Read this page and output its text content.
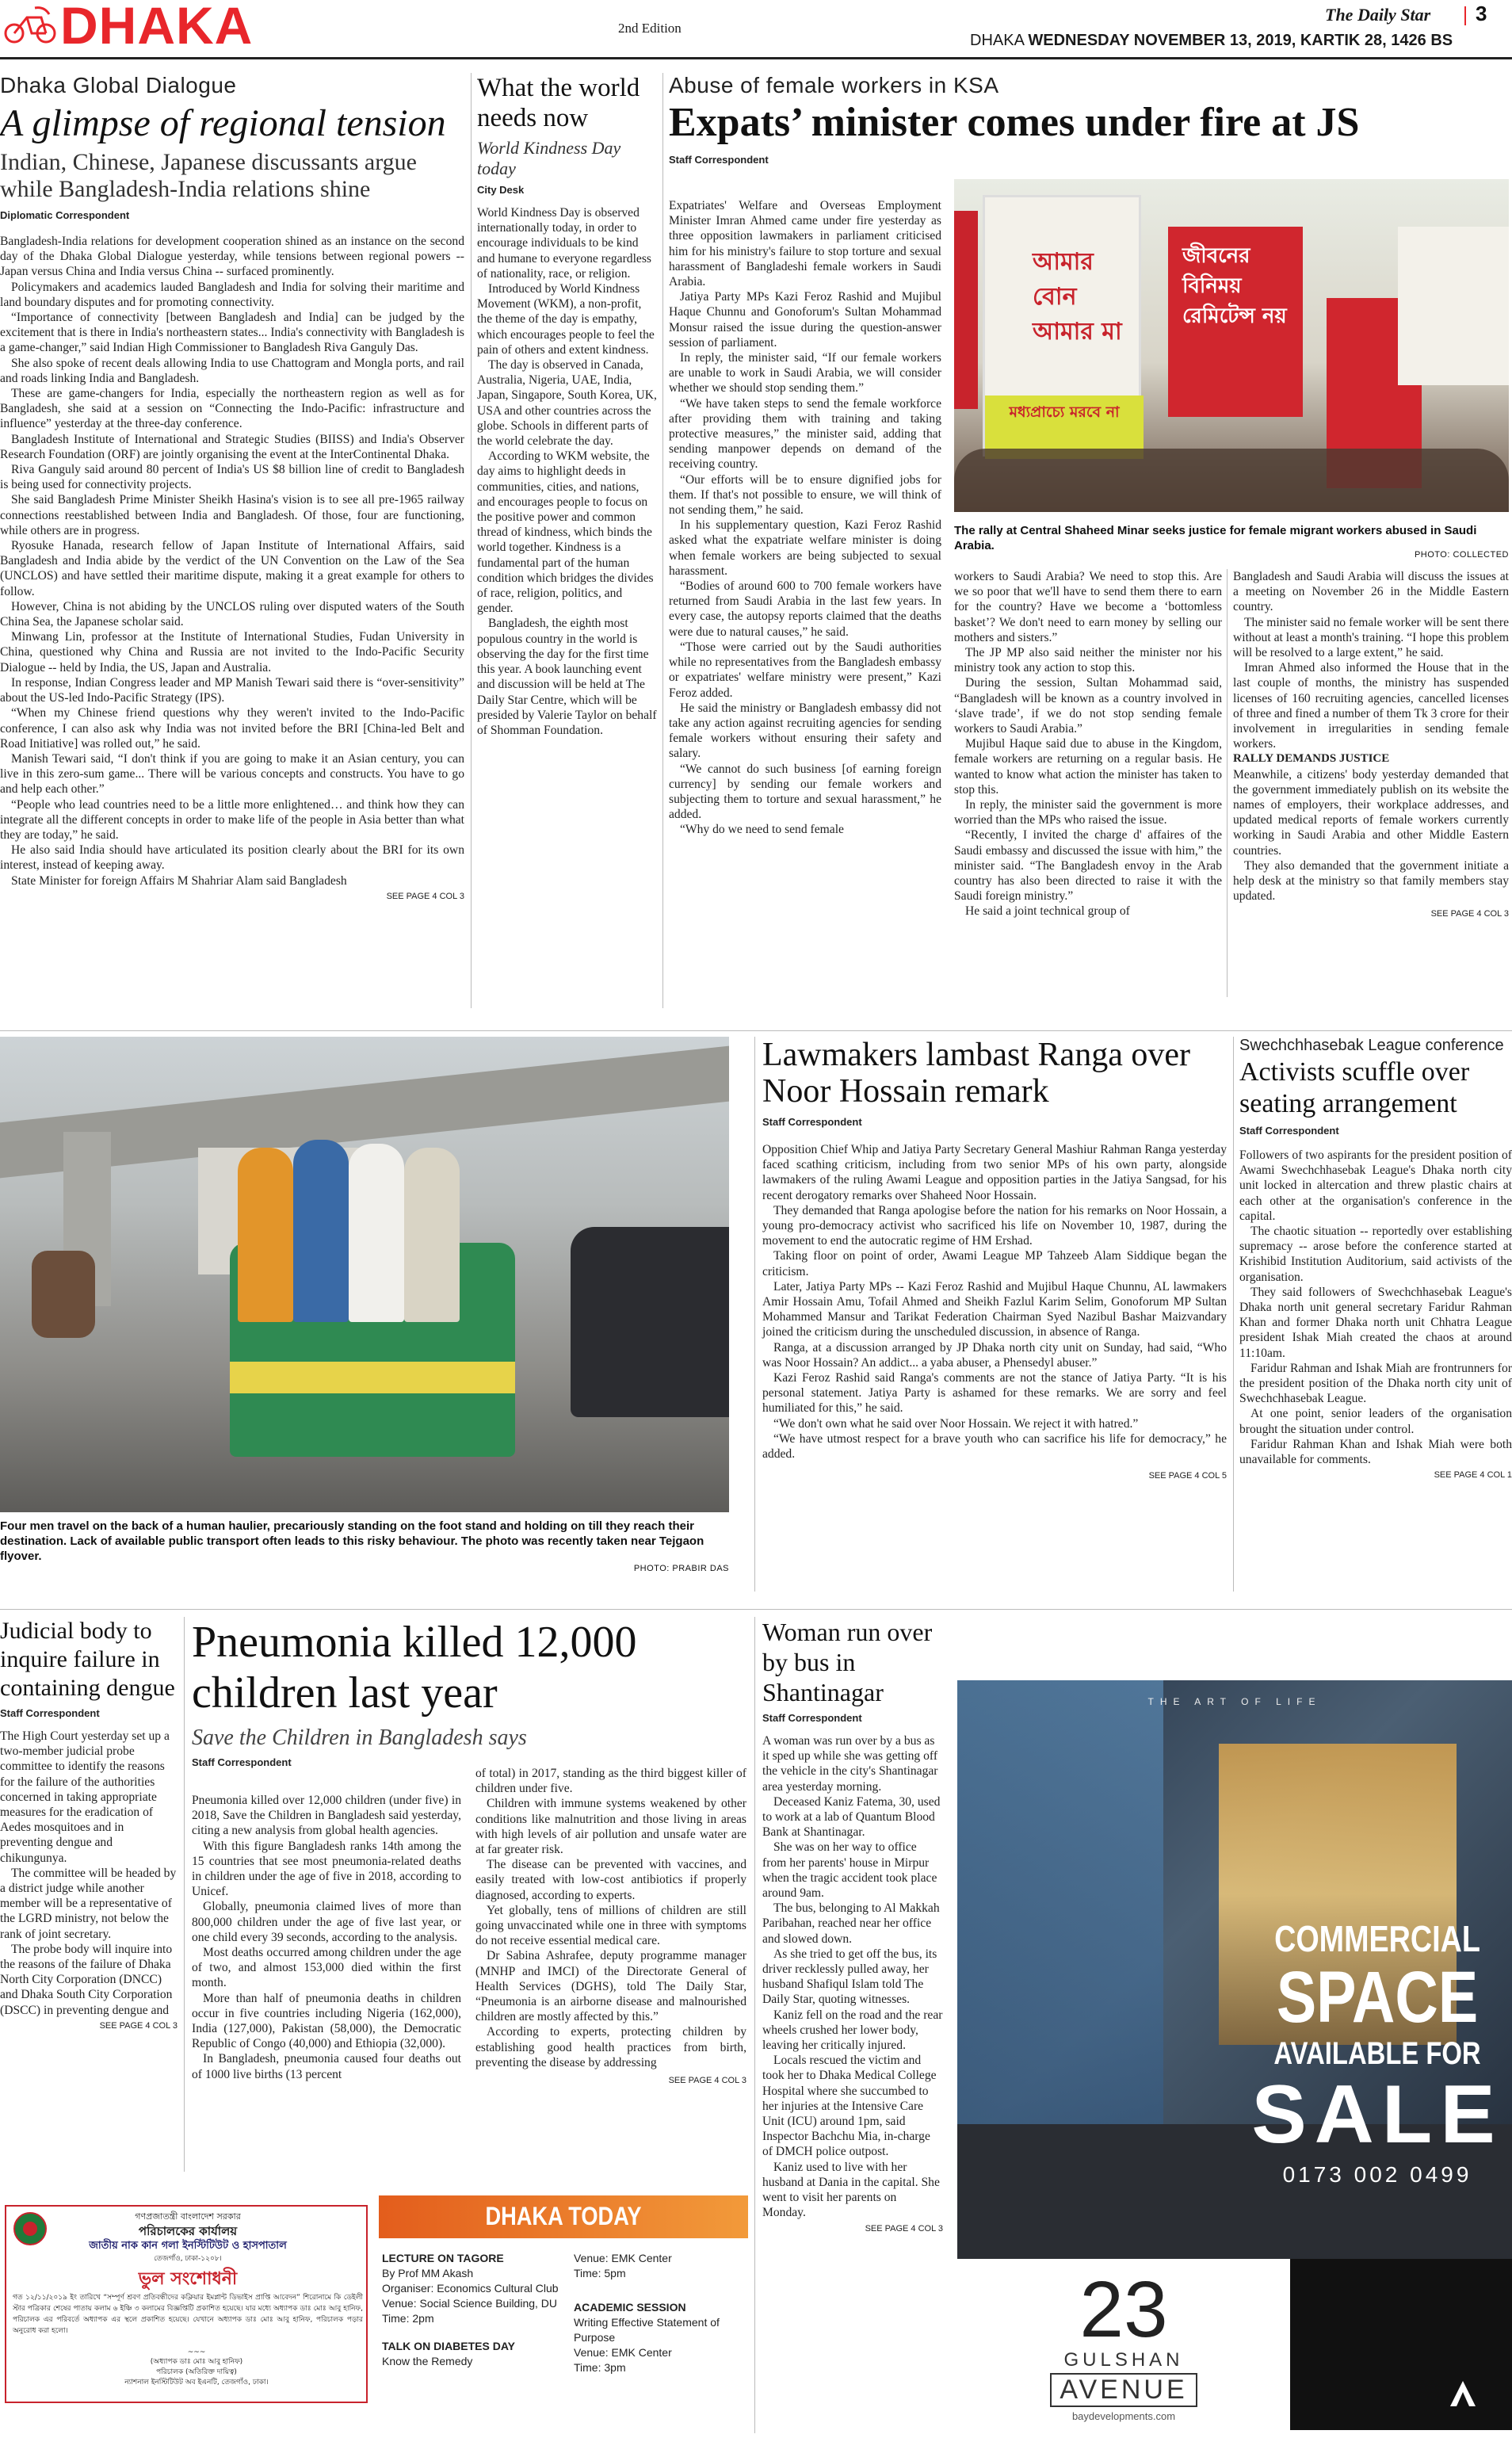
DHAKA	2nd Edition
The Daily Star 3
DHAKA WEDNESDAY NOVEMBER 13, 2019, KARTIK 28, 1426 BS
Dhaka Global Dialogue
A glimpse of regional tension
Indian, Chinese, Japanese discussants argue while Bangladesh-India relations shine
Diplomatic Correspondent

Bangladesh-India relations for development cooperation shined as an instance on the second day of the Dhaka Global Dialogue yesterday, while tensions between regional powers -- Japan versus China and India versus China -- surfaced prominently.

Policymakers and academics lauded Bangladesh and India for solving their maritime and land boundary disputes and for promoting connectivity.

“Importance of connectivity [between Bangladesh and India] can be judged by the excitement that is there in India's northeastern states... India's connectivity with Bangladesh is a game-changer,” said Indian High Commissioner to Bangladesh Riva Ganguly Das.

She also spoke of recent deals allowing India to use Chattogram and Mongla ports, and rail and roads linking India and Bangladesh.

These are game-changers for India, especially the northeastern region as well as for Bangladesh, she said at a session on “Connecting the Indo-Pacific: infrastructure and influence” yesterday at the three-day conference.

Bangladesh Institute of International and Strategic Studies (BIISS) and India's Observer Research Foundation (ORF) are jointly organising the event at the InterContinental Dhaka.

Riva Ganguly said around 80 percent of India's US $8 billion line of credit to Bangladesh is being used for connectivity projects.

She said Bangladesh Prime Minister Sheikh Hasina's vision is to see all pre-1965 railway connections reestablished between India and Bangladesh. Of those, four are functioning, while others are in progress.

Ryosuke Hanada, research fellow of Japan Institute of International Affairs, said Bangladesh and India abide by the verdict of the UN Convention on the Law of the Sea (UNCLOS) and have settled their maritime dispute, making it a great example for others to follow.

However, China is not abiding by the UNCLOS ruling over disputed waters of the South China Sea, the Japanese scholar said.

Minwang Lin, professor at the Institute of International Studies, Fudan University in China, questioned why China and Russia are not invited to the Indo-Pacific Security Dialogue -- held by India, the US, Japan and Australia.

In response, Indian Congress leader and MP Manish Tewari said there is “over-sensitivity” about the US-led Indo-Pacific Strategy (IPS).

“When my Chinese friend questions why they weren't invited to the Indo-Pacific conference, I can also ask why India was not invited before the BRI [China-led Belt and Road Initiative] was rolled out,” he said.

Manish Tewari said, “I don't think if you are going to make it an Asian century, you can live in this zero-sum game... There will be various concepts and constructs. You have to go and help each other.”

“People who lead countries need to be a little more enlightened… and think how they can integrate all the different concepts in order to make life of the people in Asia better than what they are today,” he said.

He also said India should have articulated its position clearly about the BRI for its own interest, instead of keeping away.

State Minister for foreign Affairs M Shahriar Alam said Bangladesh

SEE PAGE 4 COL 3
What the world needs now
World Kindness Day today
City Desk

World Kindness Day is observed internationally today, in order to encourage individuals to be kind and humane to everyone regardless of nationality, race, or religion.

Introduced by World Kindness Movement (WKM), a non-profit, the theme of the day is empathy, which encourages people to feel the pain of others and extent kindness.

The day is observed in Canada, Australia, Nigeria, UAE, India, Japan, Singapore, South Korea, UK, USA and other countries across the globe. Schools in different parts of the world celebrate the day.

According to WKM website, the day aims to highlight deeds in communities, cities, and nations, and encourages people to focus on the positive power and common thread of kindness, which binds the world together. Kindness is a fundamental part of the human condition which bridges the divides of race, religion, politics, and gender.

Bangladesh, the eighth most populous country in the world is observing the day for the first time this year. A book launching event and discussion will be held at The Daily Star Centre, which will be presided by Valerie Taylor on behalf of Shomman Foundation.

Abuse of female workers in KSA
Expats’ minister comes under fire at JS
Staff Correspondent

Expatriates' Welfare and Overseas Employment Minister Imran Ahmed came under fire yesterday as three opposition lawmakers in parliament criticised him for his ministry's failure to stop torture and sexual harassment of Bangladeshi female workers in Saudi Arabia.

Jatiya Party MPs Kazi Feroz Rashid and Mujibul Haque Chunnu and Gonoforum's Sultan Mohammad Monsur raised the issue during the question-answer session of parliament.

In reply, the minister said, “If our female workers are unable to work in Saudi Arabia, we will consider whether we should stop sending them.”

“We have taken steps to send the female workforce after providing them with training and taking protective measures,” the minister said, adding that sending manpower depends on demand of the receiving country.

“Our efforts will be to ensure dignified jobs for them. If that's not possible to ensure, we will think of not sending them,” he said.

In his supplementary question, Kazi Feroz Rashid asked what the expatriate welfare minister is doing when female workers are being subjected to sexual harassment.

“Bodies of around 600 to 700 female workers have returned from Saudi Arabia in the last few years. In every case, the autopsy reports claimed that the deaths were due to natural causes,” he said.

“Those were carried out by the Saudi authorities while no representatives from the Bangladesh embassy or expatriates' welfare ministry were present,” Kazi Feroz added.

He said the ministry or Bangladesh embassy did not take any action against recruiting agencies for sending female workers without ensuring their safety and salary.

“We cannot do such business [of earning foreign currency] by sending our female workers and subjecting them to torture and sexual harassment,” he added.

“Why do we need to send female

আমার বোন আমার মা
মধ্যপ্রাচ্যে মরবে না
জীবনের বিনিময় রেমিটেন্স নয়
The rally at Central Shaheed Minar seeks justice for female migrant workers abused in Saudi Arabia.
PHOTO: COLLECTED

workers to Saudi Arabia? We need to stop this. Are we so poor that we'll have to send them there to earn for the country? Have we become a ‘bottomless basket’? We don't need to earn money by selling our mothers and sisters.”

The JP MP also said neither the minister nor his ministry took any action to stop this.

During the session, Sultan Mohammad said, “Bangladesh will be known as a country involved in ‘slave trade’, if we do not stop sending female workers to Saudi Arabia.”

Mujibul Haque said due to abuse in the Kingdom, female workers are returning on a regular basis. He wanted to know what action the minister has taken to stop this.

In reply, the minister said the government is more worried than the MPs who raised the issue.

“Recently, I invited the charge d' affaires of the Saudi embassy and discussed the issue with him,” the minister said. “The Bangladesh envoy in the Arab country has also been directed to raise it with the Saudi foreign ministry.”

He said a joint technical group of

Bangladesh and Saudi Arabia will discuss the issues at a meeting on November 26 in the Middle Eastern country.

The minister said no female worker will be sent there without at least a month's training. “I hope this problem will be resolved to a large extent,” he said.

Imran Ahmed also informed the House that in the last couple of months, the ministry has suspended licenses of 160 recruiting agencies, cancelled licenses of three and fined a number of them Tk 3 crore for their involvement in irregularities in sending female workers.

RALLY DEMANDS JUSTICE

Meanwhile, a citizens' body yesterday demanded that the government immediately publish on its website the names of employers, their workplace addresses, and updated medical reports of female workers currently working in Saudi Arabia and other Middle Eastern countries.

They also demanded that the government initiate a help desk at the ministry so that family members stay updated.

SEE PAGE 4 COL 3
Four men travel on the back of a human haulier, precariously standing on the foot stand and holding on till they reach their destination. Lack of available public transport often leads to this risky behaviour. The photo was recently taken near Tejgaon flyover.
PHOTO: PRABIR DAS
Lawmakers lambast Ranga over Noor Hossain remark
Staff Correspondent

Opposition Chief Whip and Jatiya Party Secretary General Mashiur Rahman Ranga yesterday faced scathing criticism, including from two senior MPs of his own party, alongside lawmakers of the ruling Awami League and opposition parties in the Jatiya Sangsad, for his recent derogatory remarks over Shaheed Noor Hossain.

They demanded that Ranga apologise before the nation for his remarks on Noor Hossain, a young pro-democracy activist who sacrificed his life on November 10, 1987, during the movement to end the autocratic regime of HM Ershad.

Taking floor on point of order, Awami League MP Tahzeeb Alam Siddique began the criticism.

Later, Jatiya Party MPs -- Kazi Feroz Rashid and Mujibul Haque Chunnu, AL lawmakers Amir Hossain Amu, Tofail Ahmed and Sheikh Fazlul Karim Selim, Gonoforum MP Sultan Mohammed Mansur and Tarikat Federation Chairman Syed Nazibul Bashar Maizvandary joined the criticism during the unscheduled discussion, in absence of Ranga.

Ranga, at a discussion arranged by JP Dhaka north city unit on Sunday, had said, “Who was Noor Hossain? An addict... a yaba abuser, a Phensedyl abuser.”

Kazi Feroz Rashid said Ranga's comments are not the stance of Jatiya Party. “It is his personal statement. Jatiya Party is ashamed for these remarks. We are sorry and feel humiliated for this,” he said.

“We don't own what he said over Noor Hossain. We reject it with hatred.”

“We have utmost respect for a brave youth who can sacrifice his life for democracy,” he added.

SEE PAGE 4 COL 5
Swechchhasebak League conference
Activists scuffle over seating arrangement
Staff Correspondent

Followers of two aspirants for the president position of Awami Swechchhasebak League's Dhaka north city unit locked in altercation and threw plastic chairs at each other at the organisation's conference in the capital.

The chaotic situation -- reportedly over establishing supremacy -- arose before the conference started at Krishibid Institution Auditorium, said activists of the organisation.

They said followers of Swechchhasebak League's Dhaka north unit general secretary Faridur Rahman Khan and former Dhaka north unit Chhatra League president Ishak Miah created the chaos at around 11:10am.

Faridur Rahman and Ishak Miah are frontrunners for the president position of the Dhaka north city unit of Swechchhasebak League.

At one point, senior leaders of the organisation brought the situation under control.

Faridur Rahman Khan and Ishak Miah were both unavailable for comments.

SEE PAGE 4 COL 1
Judicial body to inquire failure in containing dengue
Staff Correspondent

The High Court yesterday set up a two-member judicial probe committee to identify the reasons for the failure of the authorities concerned in taking appropriate measures for the eradication of Aedes mosquitoes and in preventing dengue and chikungunya.

The committee will be headed by a district judge while another member will be a representative of the LGRD ministry, not below the rank of joint secretary.

The probe body will inquire into the reasons of the failure of Dhaka North City Corporation (DNCC) and Dhaka South City Corporation (DSCC) in preventing dengue and

SEE PAGE 4 COL 3
Pneumonia killed 12,000 children last year
Save the Children in Bangladesh says
Staff Correspondent

Pneumonia killed over 12,000 children (under five) in 2018, Save the Children in Bangladesh said yesterday, citing a new analysis from global health agencies.

With this figure Bangladesh ranks 14th among the 15 countries that see most pneumonia-related deaths in children under the age of five in 2018, according to Unicef.

Globally, pneumonia claimed lives of more than 800,000 children under the age of five last year, or one child every 39 seconds, according to the analysis.

Most deaths occurred among children under the age of two, and almost 153,000 died within the first month.

More than half of pneumonia deaths in children occur in five countries including Nigeria (162,000), India (127,000), Pakistan (58,000), the Democratic Republic of Congo (40,000) and Ethiopia (32,000).

In Bangladesh, pneumonia caused four deaths out of 1000 live births (13 percent

of total) in 2017, standing as the third biggest killer of children under five.

Children with immune systems weakened by other conditions like malnutrition and those living in areas with high levels of air pollution and unsafe water are at far greater risk.

The disease can be prevented with vaccines, and easily treated with low-cost antibiotics if properly diagnosed, according to experts.

Yet globally, tens of millions of children are still going unvaccinated while one in three with symptoms do not receive essential medical care.

Dr Sabina Ashrafee, deputy programme manager (MNHP and IMCI) of the Directorate General of Health Services (DGHS), told The Daily Star, “Pneumonia is an airborne disease and malnourished children are mostly affected by this.”

According to experts, protecting children by establishing good health practices from birth, preventing the disease by addressing

SEE PAGE 4 COL 3
Woman run over by bus in Shantinagar
Staff Correspondent

A woman was run over by a bus as it sped up while she was getting off the vehicle in the city's Shantinagar area yesterday morning.

Deceased Kaniz Fatema, 30, used to work at a lab of Quantum Blood Bank at Shantinagar.

She was on her way to office from her parents' house in Mirpur when the tragic accident took place around 9am.

The bus, belonging to Al Makkah Paribahan, reached near her office and slowed down.

As she tried to get off the bus, its driver recklessly pulled away, her husband Shafiqul Islam told The Daily Star, quoting witnesses.

Kaniz fell on the road and the rear wheels crushed her lower body, leaving her critically injured.

Locals rescued the victim and took her to Dhaka Medical College Hospital where she succumbed to her injuries at the Intensive Care Unit (ICU) around 1pm, said Inspector Bachchu Mia, in-charge of DMCH police outpost.

Kaniz used to live with her husband at Dania in the capital. She went to visit her parents on Monday.

SEE PAGE 4 COL 3
THE ART OF LIFE
COMMERCIAL
SPACE
AVAILABLE FOR
SALE
0173 002 0499
23
GULSHAN
AVENUE
baydevelopments.com
গণপ্রজাতন্ত্রী বাংলাদেশ সরকার
পরিচালকের কার্যালয়
জাতীয় নাক কান গলা ইনস্টিটিউট ও হাসপাতাল
তেজগাঁও, ঢাকা-১২০৮।
ভুল সংশোধনী
গত ১২/১১/২০১৯ ইং তারিখে “সম্পূর্ণ শ্রবণ প্রতিবন্ধীদের কক্লিয়ার ইমপ্লান্ট ডিভাইস প্রাপ্তি আবেদন” শিরোনামে কি ডেইলী স্টার পত্রিকার শেষের পাতায় কলাম ৬ ইঞ্চি ৩ কলামের বিজ্ঞপ্তিটি প্রকাশিত হয়েছে। যার মধ্যে অধ্যাপক ডাঃ মোঃ আবু হানিফ, পরিচালক এর পরিবর্তে অধ্যাপক এর স্থলে প্রকাশিত হয়েছে। যেখানে অধ্যাপক ডাঃ মোঃ আবু হানিফ, পরিচালক পড়ার অনুরোধ করা হলো।
~~~
(অধ্যাপক ডাঃ মোঃ আবু হানিফ)
পরিচালক (অতিরিক্ত দায়িত্ব)
ন্যাশনাল ইনস্টিটিউট অব ইএনটি, তেজগাঁও, ঢাকা।
DHAKA TODAY
LECTURE ON TAGORE
By Prof MM Akash
Organiser: Economics Cultural Club
Venue: Social Science Building, DU
Time: 2pm
TALK ON DIABETES DAY
Know the Remedy
Venue: EMK Center
Time: 5pm
ACADEMIC SESSION
Writing Effective Statement of Purpose
Venue: EMK Center
Time: 3pm
